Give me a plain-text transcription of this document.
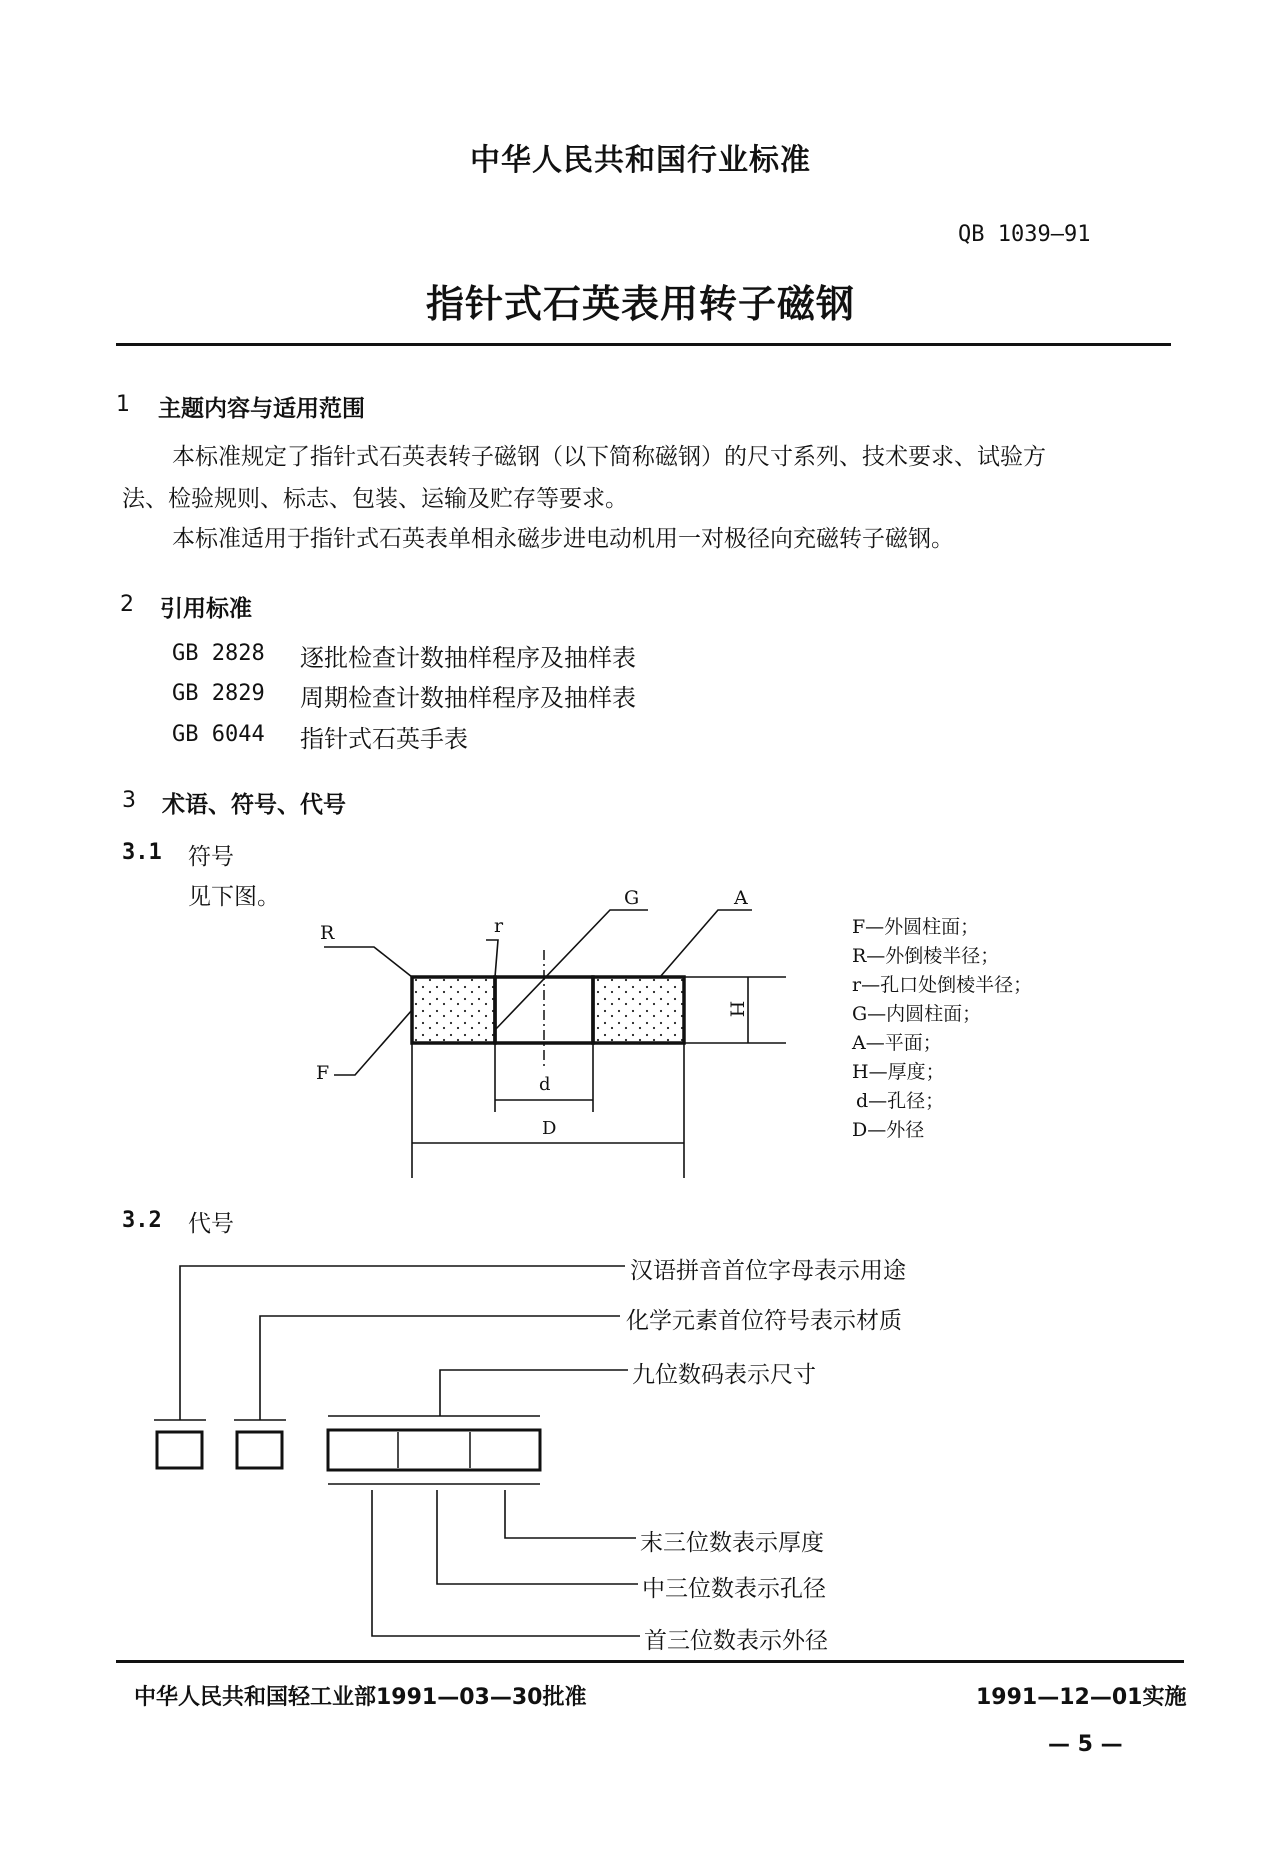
中华人民共和国行业标准
QB 1039—91
指针式石英表用转子磁钢
1 主题内容与适用范围
本标准规定了指针式石英表转子磁钢（以下简称磁钢）的尺寸系列、技术要求、试验方
法、检验规则、标志、包装、运输及贮存等要求。
本标准适用于指针式石英表单相永磁步进电动机用一对极径向充磁转子磁钢。
2 引用标准
GB 2828 逐批检查计数抽样程序及抽样表
GB 2829 周期检查计数抽样程序及抽样表
GB 6044 指针式石英手表
3 术语、符号、代号
3.1 符号
见下图。
R	r
G	A
F
H
d
D
F—外圆柱面；
R—外倒棱半径；
r—孔口处倒棱半径；
G—内圆柱面；
A—平面；
H—厚度；
d—孔径；
D—外径
3.2 代号
汉语拼音首位字母表示用途
化学元素首位符号表示材质
九位数码表示尺寸
末三位数表示厚度
中三位数表示孔径
首三位数表示外径
中华人民共和国轻工业部1991—03—30批准	1991—12—01实施
— 5 —
